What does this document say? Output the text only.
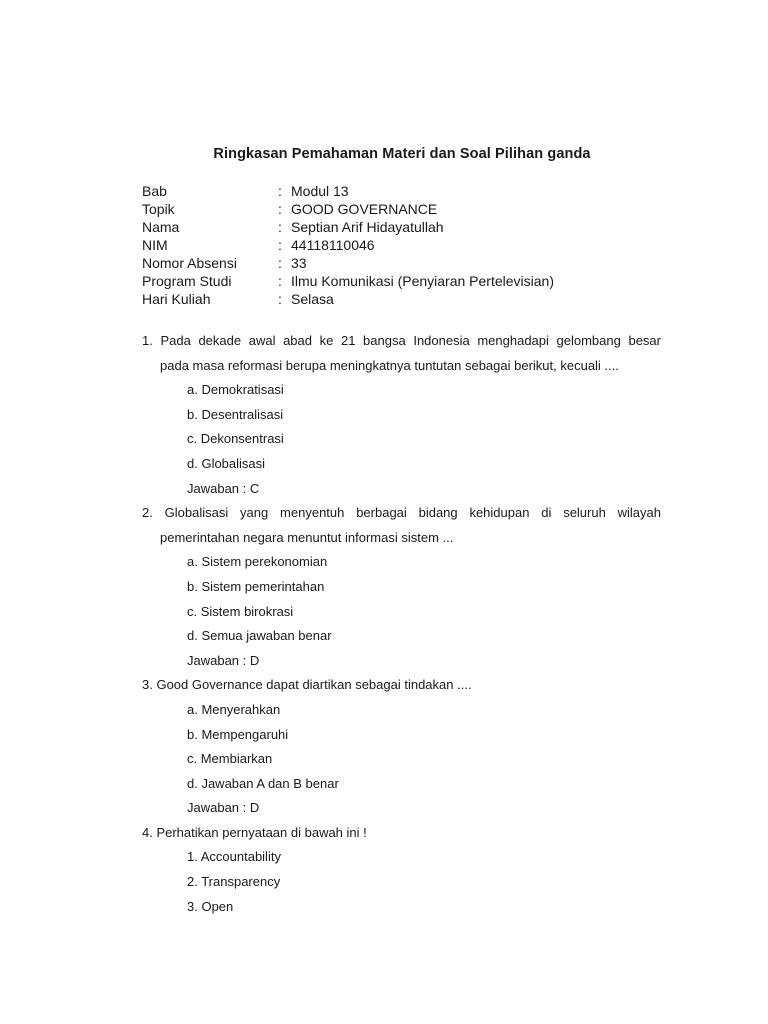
Ringkasan Pemahaman Materi dan Soal Pilihan ganda
Bab	: Modul 13
Topik	: GOOD GOVERNANCE
Nama	: Septian Arif Hidayatullah
NIM	: 44118110046
Nomor Absensi	: 33
Program Studi	: Ilmu Komunikasi (Penyiaran Pertelevisian)
Hari Kuliah	: Selasa
1. Pada dekade awal abad ke 21 bangsa Indonesia menghadapi gelombang besar
pada masa reformasi berupa meningkatnya tuntutan sebagai berikut, kecuali ....
a. Demokratisasi
b. Desentralisasi
c. Dekonsentrasi
d. Globalisasi
Jawaban : C
2. Globalisasi yang menyentuh berbagai bidang kehidupan di seluruh wilayah
pemerintahan negara menuntut informasi sistem ...
a. Sistem perekonomian
b. Sistem pemerintahan
c. Sistem birokrasi
d. Semua jawaban benar
Jawaban : D
3. Good Governance dapat diartikan sebagai tindakan ....
a. Menyerahkan
b. Mempengaruhi
c. Membiarkan
d. Jawaban A dan B benar
Jawaban : D
4. Perhatikan pernyataan di bawah ini !
1. Accountability
2. Transparency
3. Open
